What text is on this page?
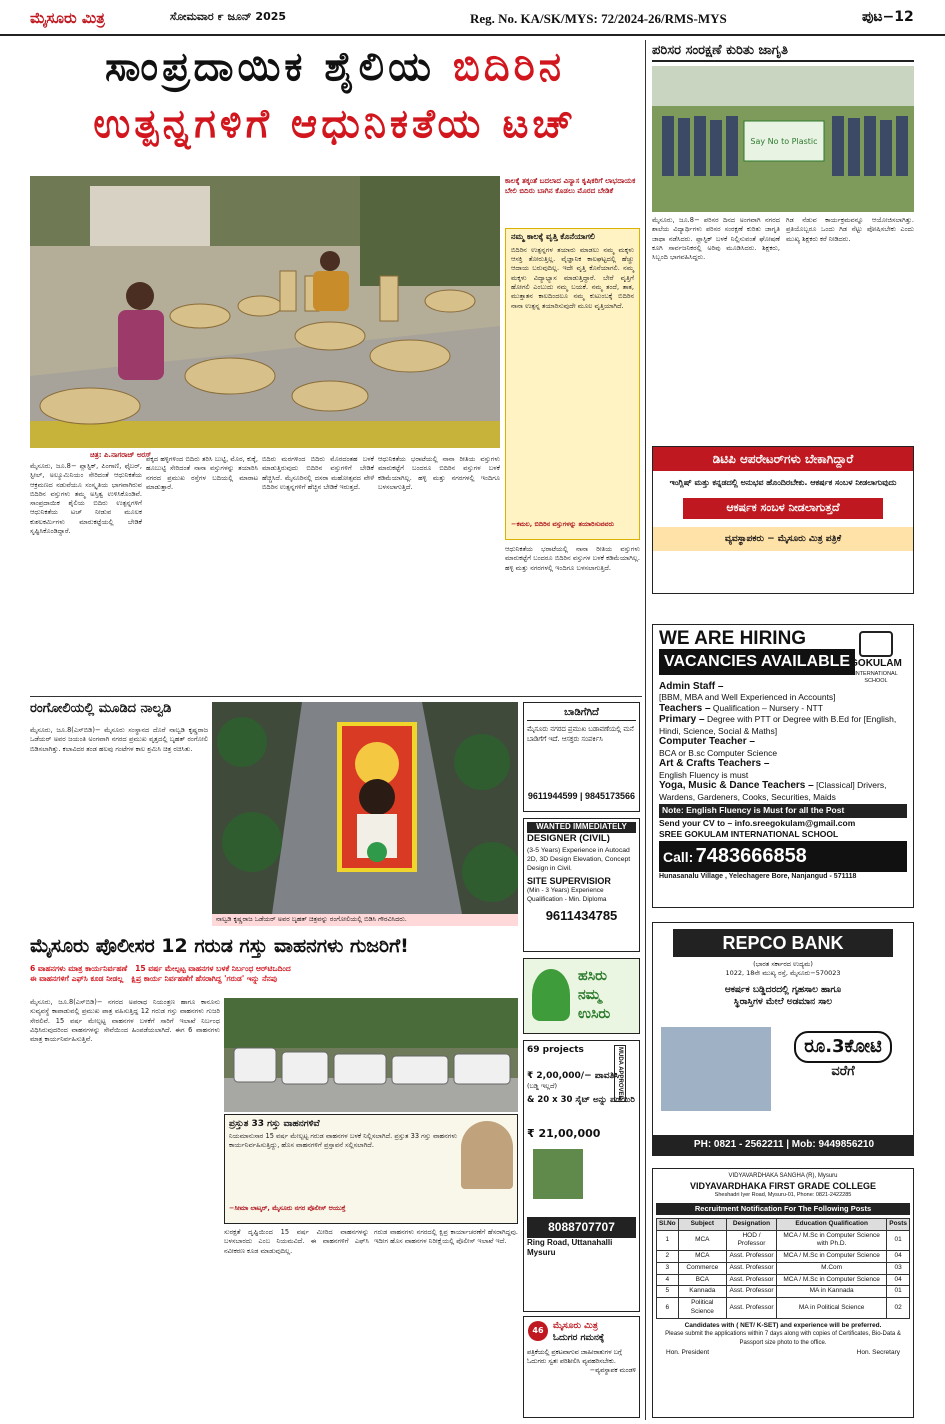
ಮೈಸೂರು ಮಿತ್ರ	ಸೋಮವಾರ ೯ ಜೂನ್ 2025	Reg. No. KA/SK/MYS: 72/2024-26/RMS-MYS	ಪುಟ−12
ಸಾಂಪ್ರದಾಯಿಕ ಶೈಲಿಯ ಬಿದಿರಿನ
ಉತ್ಪನ್ನಗಳಿಗೆ ಆಧುನಿಕತೆಯ ಟಚ್
ಕಾಲಕ್ಕೆ ತಕ್ಕಂತೆ ಬದಲಾದ ವಿನ್ಯಾಸ ಕೃಷಿಕರಿಗೆ ಲಾಭದಾಯಕ ಬೇಲಿ ಬಿದಿರು ಬಾಗಿನ ಕೊಡಲು ಮೊರದ ಬೇಡಿಕೆ
ನಮ್ಮ ಕಾಲಕ್ಕೆ ವೃತ್ತಿ ಕೊನೆಯಾಗಲಿ
ಬಿದಿರಿನ ಉತ್ಪನ್ನಗಳ ತಯಾರು ಮಾಡಲು ನಮ್ಮ ಮಕ್ಕಳು ಆಸಕ್ತಿ ತೋರುತ್ತಿಲ್ಲ. ವೈಜ್ಞಾನಿಕ ಕಾಲಘಟ್ಟದಲ್ಲಿ ಹೆಚ್ಚು ಆದಾಯ ಬರುವುದಿಲ್ಲ. ಇದೇ ವೃತ್ತಿ ಕೊನೆಯಾಗಲಿ. ನಮ್ಮ ಮಕ್ಕಳು ವಿದ್ಯಾಭ್ಯಾಸ ಮಾಡುತ್ತಿದ್ದಾರೆ. ಬೇರೆ ವೃತ್ತಿಗೆ ಹೋಗಲಿ ಎಂಬುದು ನಮ್ಮ ಬಯಕೆ. ನಮ್ಮ ತಂದೆ, ತಾತ, ಮುತ್ತಾತನ ಕಾಲದಿಂದಲೂ ನಮ್ಮ ಕುಟುಂಬಕ್ಕೆ ಬಿದಿರಿನ ನಾನಾ ಉತ್ಪನ್ನ ತಯಾರಿಸುವುದೇ ಮೂಲ ವೃತ್ತಿಯಾಗಿದೆ.
−ಕಮಲ, ಬಿದಿರಿನ ವಸ್ತುಗಳನ್ನು ತಯಾರಿಸುವವರು
ಚಿತ್ರ: ಪಿ.ನಾಗರಾಜ್ ಅರಸ್
ಮೈಸೂರು, ಜೂ.8− ಪ್ಲಾಸ್ಟಿಕ್, ಪಿಂಗಾಣಿ, ಫೈಬರ್, ಸ್ಟೀಲ್, ಅಲ್ಯೂಮಿನಿಯಂ ಸೇರಿದಂತೆ ಆಧುನಿಕತೆಯ ಆಕ್ರಮಣದ ನಡುವೆಯೂ ಸಂಸ್ಕೃತಿಯ ಭಾಗವಾಗಿರುವ ಬಿದಿರಿನ ವಸ್ತುಗಳು ತಮ್ಮ ಅಸ್ತಿತ್ವ ಉಳಿಸಿಕೊಂಡಿವೆ. ಸಾಂಪ್ರದಾಯಿಕ ಶೈಲಿಯ ಬಿದಿರು ಉತ್ಪನ್ನಗಳಿಗೆ ಆಧುನಿಕತೆಯ ಟಚ್ ನೀಡುವ ಮೂಲಕ ಕುಶಲಕರ್ಮಿಗಳು ಮಾರುಕಟ್ಟೆಯಲ್ಲಿ ಬೇಡಿಕೆ ಸೃಷ್ಟಿಸಿಕೊಂಡಿದ್ದಾರೆ.
ಪಕ್ಕದ ಹಳ್ಳಿಗಳಿಂದ ಬಿದಿರು ತರಿಸಿ ಬುಟ್ಟಿ, ಮೊರ, ಕುಕ್ಕೆ, ಹೂಬುಟ್ಟಿ ಸೇರಿದಂತೆ ನಾನಾ ವಸ್ತುಗಳನ್ನು ತಯಾರಿಸಿ ನಗರದ ಪ್ರಮುಖ ರಸ್ತೆಗಳ ಬದಿಯಲ್ಲಿ ಮಾರಾಟ ಮಾಡುತ್ತಾರೆ.
ಬಿದಿರು ಮರಗಳಿಂದ ಬಿದಿರು ಮೊರದಂತಹ ಬಳಕೆ ಮಾಡುತ್ತಿರುವುದು ಬಿದಿರಿನ ವಸ್ತುಗಳಿಗೆ ಬೇಡಿಕೆ ಹೆಚ್ಚಿಸಿದೆ. ಮೈಸೂರಿನಲ್ಲಿ ದಸರಾ ಮಹೋತ್ಸವದ ವೇಳೆ ಬಿದಿರಿನ ಉತ್ಪನ್ನಗಳಿಗೆ ಹೆಚ್ಚಿನ ಬೇಡಿಕೆ ಇರುತ್ತದೆ.
ಆಧುನಿಕತೆಯ ಭರಾಟೆಯಲ್ಲಿ ನಾನಾ ರೀತಿಯ ವಸ್ತುಗಳು ಮಾರುಕಟ್ಟೆಗೆ ಬಂದರೂ ಬಿದಿರಿನ ವಸ್ತುಗಳ ಬಳಕೆ ಕಡಿಮೆಯಾಗಿಲ್ಲ. ಹಳ್ಳಿ ಮತ್ತು ನಗರಗಳಲ್ಲಿ ಇಂದಿಗೂ ಬಳಸಲಾಗುತ್ತಿದೆ.
ಆಧುನಿಕತೆಯ ಭರಾಟೆಯಲ್ಲಿ ನಾನಾ ರೀತಿಯ ವಸ್ತುಗಳು ಮಾರುಕಟ್ಟೆಗೆ ಬಂದರೂ ಬಿದಿರಿನ ವಸ್ತುಗಳ ಬಳಕೆ ಕಡಿಮೆಯಾಗಿಲ್ಲ. ಹಳ್ಳಿ ಮತ್ತು ನಗರಗಳಲ್ಲಿ ಇಂದಿಗೂ ಬಳಸಲಾಗುತ್ತಿದೆ.
ಪರಿಸರ ಸಂರಕ್ಷಣೆ ಕುರಿತು ಜಾಗೃತಿ
Say No to Plastic
ಮೈಸೂರು, ಜೂ.8− ಪರಿಸರ ದಿನದ ಅಂಗವಾಗಿ ನಗರದ ಶಾಲೆಯ ವಿದ್ಯಾರ್ಥಿಗಳು ಪರಿಸರ ಸಂರಕ್ಷಣೆ ಕುರಿತು ಜಾಗೃತಿ ಜಾಥಾ ನಡೆಸಿದರು. ಪ್ಲಾಸ್ಟಿಕ್ ಬಳಕೆ ನಿಲ್ಲಿಸುವಂತೆ ಘೋಷಣೆ ಕೂಗಿ ಸಾರ್ವಜನಿಕರಲ್ಲಿ ಅರಿವು ಮೂಡಿಸಿದರು. ಶಿಕ್ಷಕರು, ಸಿಬ್ಬಂದಿ ಭಾಗವಹಿಸಿದ್ದರು.
ಗಿಡ ನೆಡುವ ಕಾರ್ಯಕ್ರಮವನ್ನೂ ಆಯೋಜಿಸಲಾಗಿತ್ತು. ಪ್ರತಿಯೊಬ್ಬರೂ ಒಂದು ಗಿಡ ನೆಟ್ಟು ಪೋಷಿಸಬೇಕು ಎಂದು ಮುಖ್ಯ ಶಿಕ್ಷಕರು ಕರೆ ನೀಡಿದರು.
ಡಿಟಿಪಿ ಆಪರೇಟರ್‌ಗಳು ಬೇಕಾಗಿದ್ದಾರೆ
ಇಂಗ್ಲಿಷ್ ಮತ್ತು ಕನ್ನಡದಲ್ಲಿ ಅನುಭವ ಹೊಂದಿರಬೇಕು. ಆಕರ್ಷಕ ಸಂಬಳ ನೀಡಲಾಗುವುದು
ಆಕರ್ಷಕ ಸಂಬಳ ನೀಡಲಾಗುತ್ತದೆ
ವ್ಯವಸ್ಥಾಪಕರು − ಮೈಸೂರು ಮಿತ್ರ ಪತ್ರಿಕೆ
WE ARE HIRING
VACANCIES AVAILABLE GOKULAM
INTERNATIONAL SCHOOL
Admin Staff –
[BBM, MBA and Well Experienced in Accounts]
Teachers – Qualification – Nursery - NTT
Primary – Degree with PTT or Degree with B.Ed for [English, Hindi, Science, Social & Maths]
Computer Teacher –
BCA or B.sc Computer Science
Art & Crafts Teachers –
English Fluency is must
Yoga, Music & Dance Teachers – [Classical] Drivers, Wardens, Gardeners, Cooks, Securities, Maids
Note: English Fluency is Must for all the Post
Send your CV to – info.sreegokulam@gmail.com
SREE GOKULAM INTERNATIONAL SCHOOL
Call: 7483666858
Hunasanalu Village , Yelechagere Bore, Nanjangud - 571118
REPCO BANK
(ಭಾರತ ಸರ್ಕಾರದ ಉದ್ಯಮ)
1022, 18ನೇ ಮುಖ್ಯ ರಸ್ತೆ, ಮೈಸೂರು−570023
ಆಕರ್ಷಕ ಬಡ್ಡಿದರದಲ್ಲಿ ಗೃಹಸಾಲ ಹಾಗೂ
ಸ್ಥಿರಾಸ್ತಿಗಳ ಮೇಲೆ ಅಡಮಾನ ಸಾಲ
ರೂ.3ಕೋಟಿ
ವರೆಗೆ
PH: 0821 - 2562211 | Mob: 9449856210
VIDYAVARDHAKA SANGHA (R), Mysuru
VIDYAVARDHAKA FIRST GRADE COLLEGE
Sheshadri Iyer Road, Mysuru-01, Phone: 0821-2422285
Recruitment Notification For The Following Posts
Sl.No	Subject	Designation	Education Qualification	Posts
1	MCA	HOD / Professor	MCA / M.Sc in Computer Science with Ph.D.	01
2	MCA	Asst. Professor	MCA / M.Sc in Computer Science	04
3	Commerce	Asst. Professor	M.Com	03
4	BCA	Asst. Professor	MCA / M.Sc in Computer Science	04
5	Kannada	Asst. Professor	MA in Kannada	01
6	Political Science	Asst. Professor	MA in Political Science	02
Candidates with ( NET/ K-SET) and experience will be preferred.
Please submit the applications within 7 days along with copies of Certificates, Bio-Data & Passport size photo to the office.
Hon. President	Hon. Secretary
ರಂಗೋಲಿಯಲ್ಲಿ ಮೂಡಿದ ನಾಲ್ವಡಿ
ಮೈಸೂರು, ಜೂ.8(ಎಸ್‌ಬಿಡಿ)− ಮೈಸೂರು ಸಂಸ್ಥಾನದ ದೊರೆ ನಾಲ್ವಡಿ ಕೃಷ್ಣರಾಜ ಒಡೆಯರ್ ಅವರ ಜಯಂತಿ ಅಂಗವಾಗಿ ನಗರದ ಪ್ರಮುಖ ವೃತ್ತದಲ್ಲಿ ಬೃಹತ್ ರಂಗೋಲಿ ಬಿಡಿಸಲಾಗಿತ್ತು. ಕಲಾವಿದರ ತಂಡ ಹಲವು ಗಂಟೆಗಳ ಕಾಲ ಶ್ರಮಿಸಿ ಚಿತ್ರ ರಚಿಸಿತು.
ನಾಲ್ವಡಿ ಕೃಷ್ಣರಾಜ ಒಡೆಯರ್ ಅವರ ಬೃಹತ್ ಚಿತ್ರವನ್ನು ರಂಗೋಲಿಯಲ್ಲಿ ಬಿಡಿಸಿ ಗೌರವಿಸಿದರು.
ಬಾಡಿಗೆಗಿದೆ
ಮೈಸೂರು ನಗರದ ಪ್ರಮುಖ ಬಡಾವಣೆಯಲ್ಲಿ ಮನೆ ಬಾಡಿಗೆಗೆ ಇದೆ. ಆಸಕ್ತರು ಸಂಪರ್ಕಿಸಿ
9611944599 | 9845173566
WANTED IMMEDIATELY
DESIGNER (CIVIL)
(3-5 Years) Experience in Autocad 2D, 3D Design Elevation, Concept Design in Civil.
SITE SUPERVISIOR
(Min - 3 Years) Experience Qualification - Min. Diploma
9611434785
ಹಸಿರು
ನಮ್ಮ
ಉಸಿರು
ಮೈಸೂರು ಪೊಲೀಸರ 12 ಗರುಡ ಗಸ್ತು ವಾಹನಗಳು ಗುಜರಿಗೆ!
6 ವಾಹನಗಳು ಮಾತ್ರ ಕಾರ್ಯನಿರ್ವಹಣೆ 15 ವರ್ಷ ಮೇಲ್ಪಟ್ಟ ವಾಹನಗಳ ಬಳಕೆ ನಿರ್ಬಂಧ ಆರ್‌ಟಿಒದಿಂದ
ಈ ವಾಹನಗಳಿಗೆ ಎಫ್‌ಸಿ ಕೂಡ ನೀಡಲ್ಲ ಕ್ಷಿಪ್ರ ಕಾರ್ಯ ನಿರ್ವಹಣೆಗೆ ಹೆಸರಾಗಿದ್ದ 'ಗರುಡ' ಇನ್ನು ನೆನಪು
ಮೈಸೂರು, ಜೂ.8(ಎಸ್‌ಬಿಡಿ)− ನಗರದ ಅಪರಾಧ ನಿಯಂತ್ರಣ ಹಾಗೂ ಕಾನೂನು ಸುವ್ಯವಸ್ಥೆ ಕಾಪಾಡುವಲ್ಲಿ ಪ್ರಮುಖ ಪಾತ್ರ ವಹಿಸುತ್ತಿದ್ದ 12 ಗರುಡ ಗಸ್ತು ವಾಹನಗಳು ಗುಜರಿ ಸೇರಲಿವೆ. 15 ವರ್ಷ ಮೇಲ್ಪಟ್ಟ ವಾಹನಗಳ ಬಳಕೆಗೆ ಸಾರಿಗೆ ಇಲಾಖೆ ನಿರ್ಬಂಧ ವಿಧಿಸಿರುವುದರಿಂದ ವಾಹನಗಳನ್ನು ಸೇವೆಯಿಂದ ಹಿಂಪಡೆಯಲಾಗಿದೆ. ಈಗ 6 ವಾಹನಗಳು ಮಾತ್ರ ಕಾರ್ಯನಿರ್ವಹಿಸುತ್ತಿವೆ.
ಪ್ರಸ್ತುತ 33 ಗಸ್ತು ವಾಹನಗಳಿವೆ
ನಿಯಮಾನುಸಾರ 15 ವರ್ಷ ಮೇಲ್ಪಟ್ಟ ಗರುಡ ವಾಹನಗಳ ಬಳಕೆ ನಿಲ್ಲಿಸಲಾಗಿದೆ. ಪ್ರಸ್ತುತ 33 ಗಸ್ತು ವಾಹನಗಳು ಕಾರ್ಯನಿರ್ವಹಿಸುತ್ತಿದ್ದು, ಹೊಸ ವಾಹನಗಳಿಗೆ ಪ್ರಸ್ತಾವನೆ ಸಲ್ಲಿಸಲಾಗಿದೆ.
−ಸೀಮಾ ಲಾಟ್ಕರ್, ಮೈಸೂರು ನಗರ ಪೊಲೀಸ್ ಆಯುಕ್ತೆ
ಸುರಕ್ಷತೆ ದೃಷ್ಟಿಯಿಂದ 15 ವರ್ಷ ಮೀರಿದ ವಾಹನಗಳನ್ನು ಬಳಸಬಾರದು ಎಂಬ ನಿಯಮವಿದೆ. ಈ ವಾಹನಗಳಿಗೆ ಎಫ್‌ಸಿ ನವೀಕರಣ ಕೂಡ ಮಾಡುವುದಿಲ್ಲ.
ಗರುಡ ವಾಹನಗಳು ನಗರದಲ್ಲಿ ಕ್ಷಿಪ್ರ ಕಾರ್ಯಾಚರಣೆಗೆ ಹೆಸರಾಗಿದ್ದವು. ಇದೀಗ ಹೊಸ ವಾಹನಗಳ ನಿರೀಕ್ಷೆಯಲ್ಲಿ ಪೊಲೀಸ್ ಇಲಾಖೆ ಇದೆ.
69 projects	MUDA APPROVED
₹ 2,00,000/− ಪಾವತಿಸಿ
(ಬಡ್ಡಿ ಇಲ್ಲದೆ)
& 20 x 30 ಸೈಟ್ ಅನ್ನು ಪಡೆಯಿರಿ
₹ 21,00,000
8088707707
Ring Road, Uttanahalli Mysuru
46	ಮೈಸೂರು ಮಿತ್ರ
ಓದುಗರ ಗಮನಕ್ಕೆ
ಪತ್ರಿಕೆಯಲ್ಲಿ ಪ್ರಕಟವಾಗುವ ಜಾಹೀರಾತುಗಳ ಬಗ್ಗೆ ಓದುಗರು ಸ್ವತಃ ಪರಿಶೀಲಿಸಿ ವ್ಯವಹರಿಸಬೇಕು.
−ವ್ಯವಸ್ಥಾಪಕ ಮಂಡಳಿ
